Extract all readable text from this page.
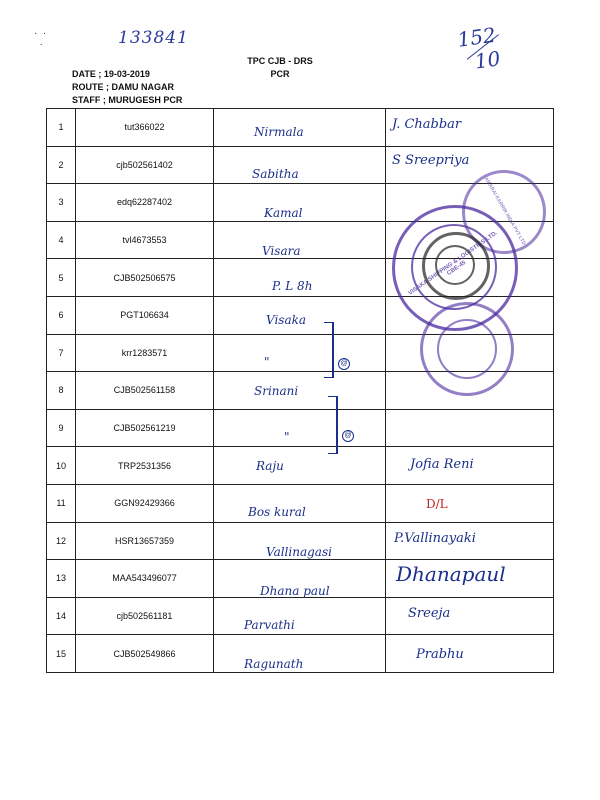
·  ·
·	133841	152
10
TPC CJB - DRS
PCR
DATE ; 19-03-2019
ROUTE ; DAMU NAGAR
STAFF ; MURUGESH PCR
1	tut366022	Nirmala	J. Chabbar

2	cjb502561402	Sabitha	S Sreepriya

3	edq62287402	Kamal	

4	tvl4673553	Visara	

5	CJB502506575	P. L 8h	

6	PGT106634	Visaka	

7	krr1283571	"	

8	CJB502561158	Srinani	

9	CJB502561219	"	

10	TRP2531356	Raju	Jofia Reni

11	GGN92429366	Bos kural	D/L

12	HSR13657359	Vallinagasi	P.Vallinayaki

13	MAA543496077	Dhana paul	Dhanapaul

14	cjb502561181	Parvathi	Sreeja

15	CJB502549866	Ragunath	Prabhu
VISAKA SHIPPING & LOGISTICS LTD. CBE-45
TAMARAI KARRIR INDIA PVT LTD
@
@
